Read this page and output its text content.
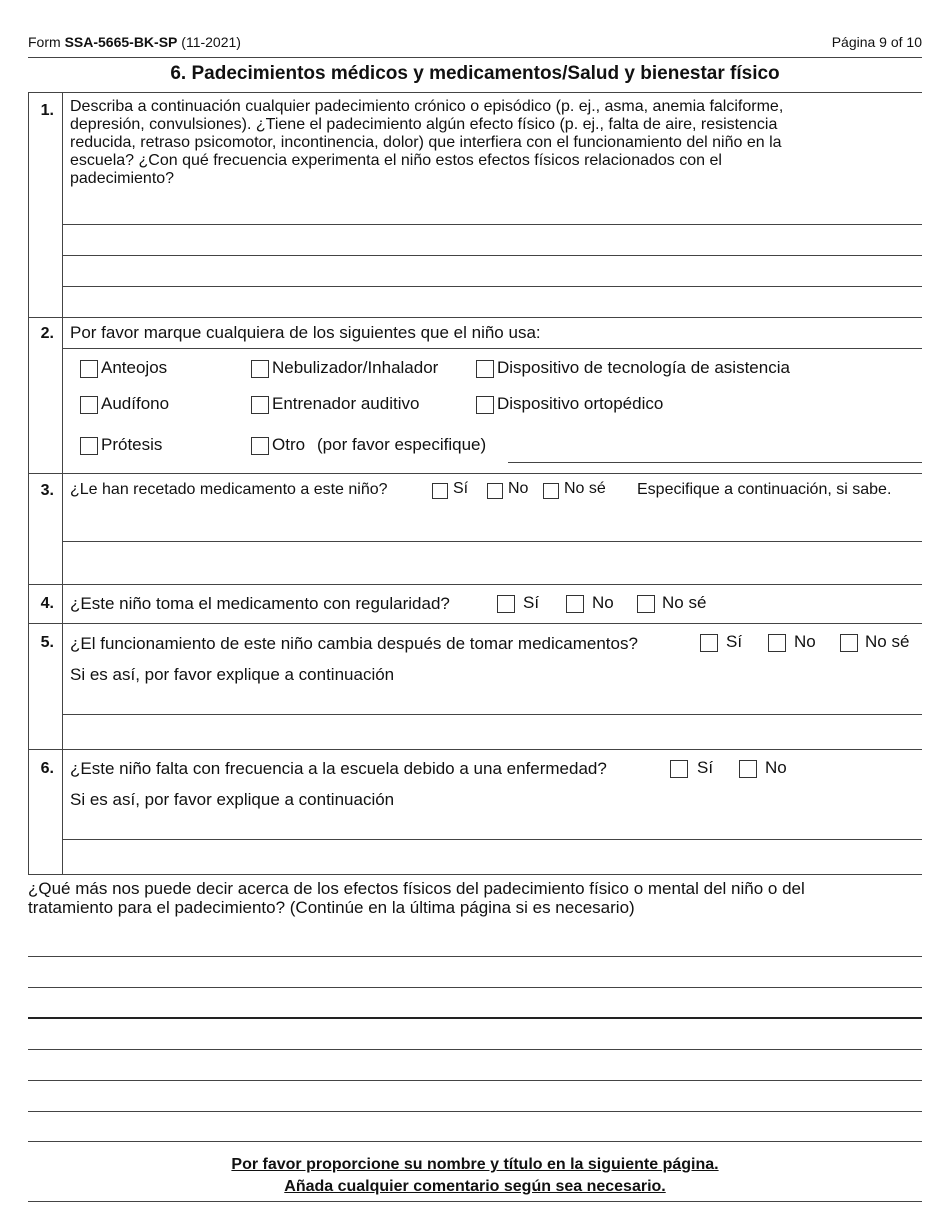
Form SSA-5665-BK-SP (11-2021)	Página 9 of 10
6. Padecimientos médicos y medicamentos/Salud y bienestar físico
1. Describa a continuación cualquier padecimiento crónico o episódico (p. ej., asma, anemia falciforme,
depresión, convulsiones). ¿Tiene el padecimiento algún efecto físico (p. ej., falta de aire, resistencia
reducida, retraso psicomotor, incontinencia, dolor) que interfiera con el funcionamiento del niño en la
escuela? ¿Con qué frecuencia experimenta el niño estos efectos físicos relacionados con el
padecimiento?
2. Por favor marque cualquiera de los siguientes que el niño usa:
Anteojos	Nebulizador/Inhalador	Dispositivo de tecnología de asistencia
Audífono	Entrenador auditivo	Dispositivo ortopédico
Prótesis	Otro (por favor especifique)
3. ¿Le han recetado medicamento a este niño?	Sí No No sé Especifique a continuación, si sabe.
4. ¿Este niño toma el medicamento con regularidad?	Sí	No	No sé
5. ¿El funcionamiento de este niño cambia después de tomar medicamentos?	Sí	No	No sé
Si es así, por favor explique a continuación
6. ¿Este niño falta con frecuencia a la escuela debido a una enfermedad?	Sí	No
Si es así, por favor explique a continuación
¿Qué más nos puede decir acerca de los efectos físicos del padecimiento físico o mental del niño o del
tratamiento para el padecimiento? (Continúe en la última página si es necesario)
Por favor proporcione su nombre y título en la siguiente página.
Añada cualquier comentario según sea necesario.
